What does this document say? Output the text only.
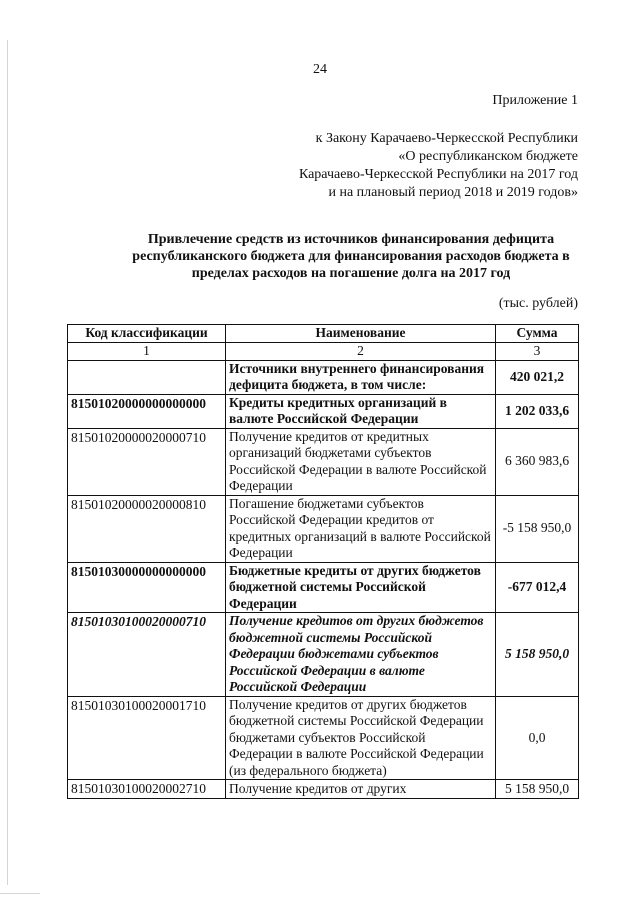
24
Приложение 1
к Закону Карачаево-Черкесской Республики
«О республиканском бюджете
Карачаево-Черкесской Республики на 2017 год
и на плановый период 2018 и 2019 годов»
Привлечение средств из источников финансирования дефицита
республиканского бюджета для финансирования расходов бюджета в
пределах расходов на погашение долга на 2017 год
(тыс. рублей)
Код классификации	Наименование	Сумма
1	2	3
	Источники внутреннего финансирования дефицита бюджета, в том числе:	420 021,2
81501020000000000000	Кредиты кредитных организаций в валюте Российской Федерации	1 202 033,6
81501020000020000710	Получение кредитов от кредитных организаций бюджетами субъектов Российской Федерации в валюте Российской Федерации	6 360 983,6
81501020000020000810	Погашение бюджетами субъектов Российской Федерации кредитов от кредитных организаций в валюте Российской Федерации	-5 158 950,0
81501030000000000000	Бюджетные кредиты от других бюджетов бюджетной системы Российской Федерации	-677 012,4
81501030100020000710	Получение кредитов от других бюджетов бюджетной системы Российской Федерации бюджетами субъектов Российской Федерации в валюте Российской Федерации	5 158 950,0
81501030100020001710	Получение кредитов от других бюджетов бюджетной системы Российской Федерации бюджетами субъектов Российской Федерации в валюте Российской Федерации (из федерального бюджета)	0,0
81501030100020002710	Получение кредитов от других	5 158 950,0
